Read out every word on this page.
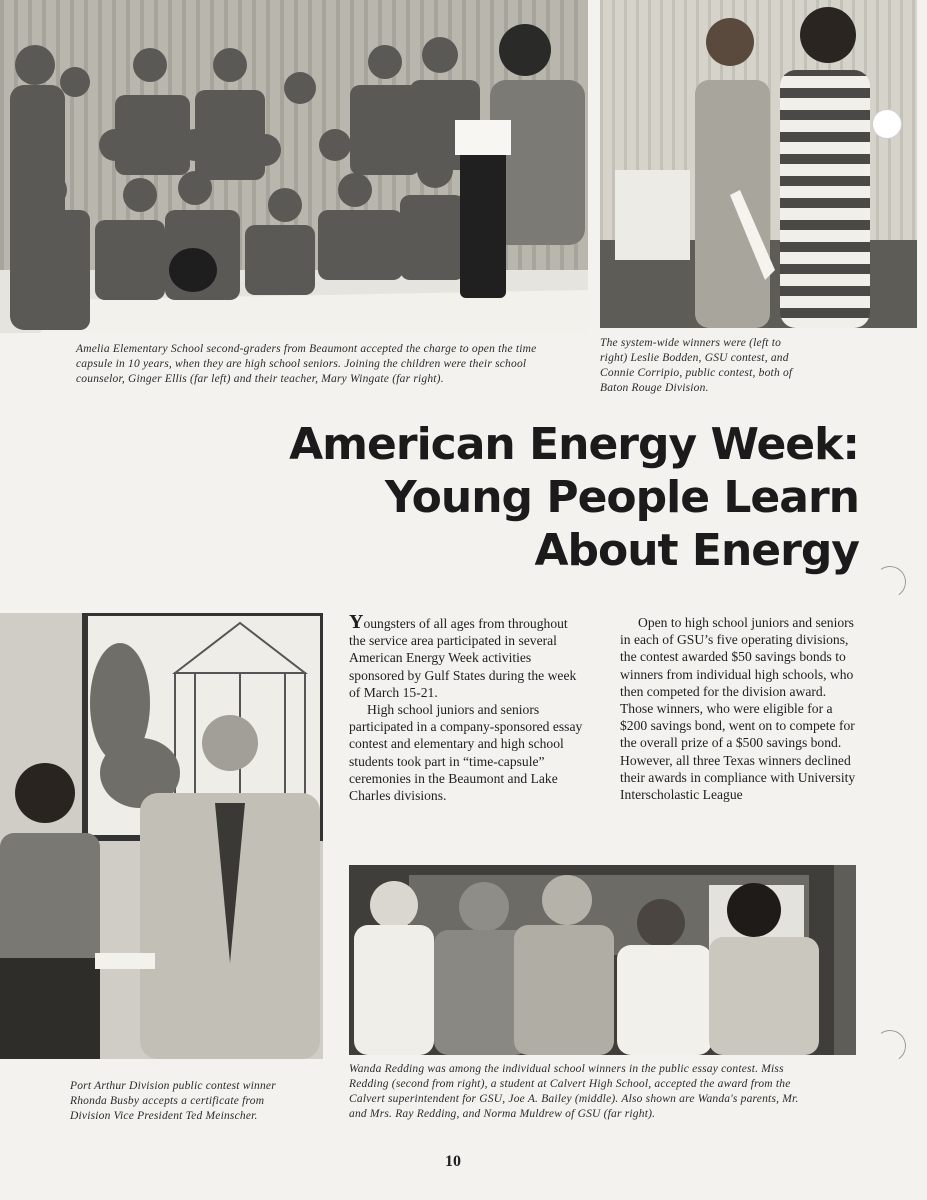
Amelia Elementary School second-graders from Beaumont accepted the charge to open the time capsule in 10 years, when they are high school seniors. Joining the children were their school counselor, Ginger Ellis (far left) and their teacher, Mary Wingate (far right).
The system-wide winners were (left to right) Leslie Bodden, GSU contest, and Connie Corripio, public contest, both of Baton Rouge Division.
American Energy Week:
Young People Learn
About Energy
Port Arthur Division public contest winner Rhonda Busby accepts a certificate from Division Vice President Ted Meinscher.

Youngsters of all ages from throughout the service area participated in several American Energy Week activities sponsored by Gulf States during the week of March 15-21.

High school juniors and seniors participated in a company-sponsored essay contest and elementary and high school students took part in “time-capsule” ceremonies in the Beaumont and Lake Charles divisions.

Open to high school juniors and seniors in each of GSU’s five operating divisions, the contest awarded $50 savings bonds to winners from individual high schools, who then competed for the division award. Those winners, who were eligible for a $200 savings bond, went on to compete for the overall prize of a $500 savings bond. However, all three Texas winners declined their awards in compliance with University Interscholastic League

Wanda Redding was among the individual school winners in the public essay contest. Miss Redding (second from right), a student at Calvert High School, accepted the award from the Calvert superintendent for GSU, Joe A. Bailey (middle). Also shown are Wanda's parents, Mr. and Mrs. Ray Redding, and Norma Muldrew of GSU (far right).
10
